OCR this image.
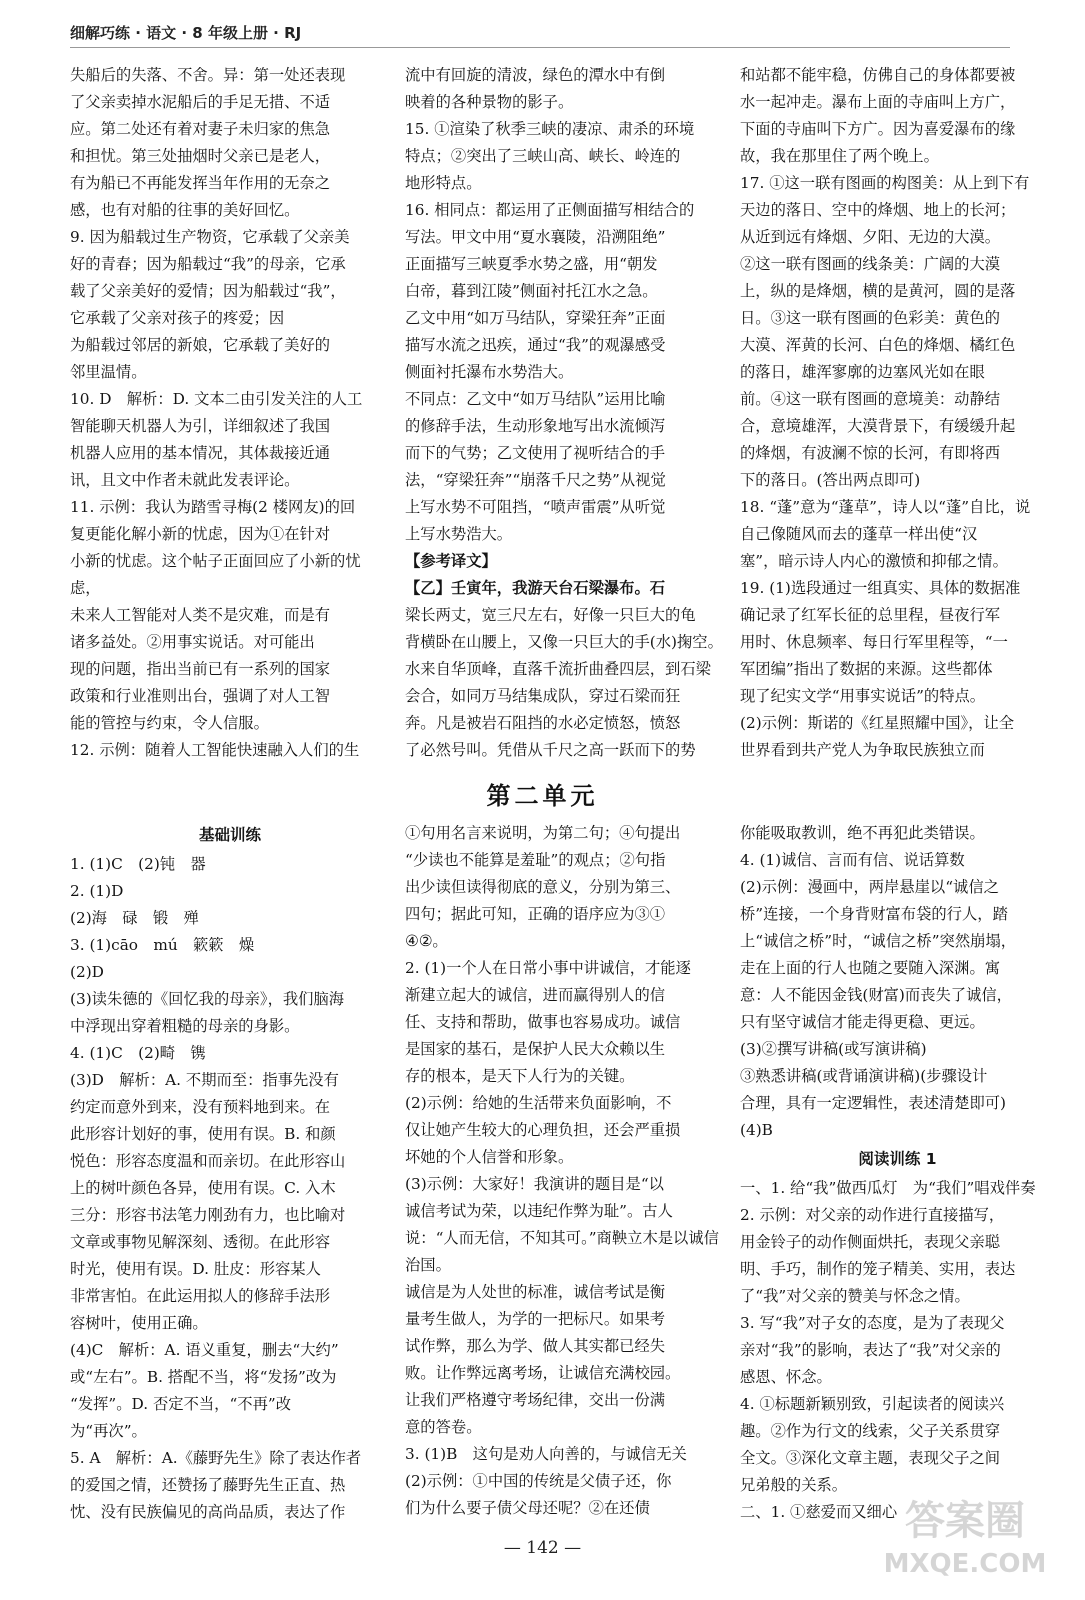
细解巧练 · 语文 · 8 年级上册 · RJ

失船后的失落、不舍。异：第一处还表现

了父亲卖掉水泥船后的手足无措、不适

应。第二处还有着对妻子未归家的焦急

和担忧。第三处抽烟时父亲已是老人，

有为船已不再能发挥当年作用的无奈之

感，也有对船的往事的美好回忆。

9. 因为船载过生产物资，它承载了父亲美

好的青春；因为船载过“我”的母亲，它承

载了父亲美好的爱情；因为船载过“我”，

它承载了父亲对孩子的疼爱；因

为船载过邻居的新娘，它承载了美好的

邻里温情。

10. D　解析：D. 文本二由引发关注的人工

智能聊天机器人为引，详细叙述了我国

机器人应用的基本情况，其体裁接近通

讯，且文中作者未就此发表评论。

11. 示例：我认为踏雪寻梅(2 楼网友)的回

复更能化解小新的忧虑，因为①在针对

小新的忧虑。这个帖子正面回应了小新的忧虑，

未来人工智能对人类不是灾难，而是有

诸多益处。②用事实说话。对可能出

现的问题，指出当前已有一系列的国家

政策和行业准则出台，强调了对人工智

能的管控与约束，令人信服。

12. 示例：随着人工智能快速融入人们的生

流中有回旋的清波，绿色的潭水中有倒

映着的各种景物的影子。

15. ①渲染了秋季三峡的凄凉、肃杀的环境

特点；②突出了三峡山高、峡长、岭连的

地形特点。

16. 相同点：都运用了正侧面描写相结合的

写法。甲文中用“夏水襄陵，沿溯阻绝”

正面描写三峡夏季水势之盛，用“朝发

白帝，暮到江陵”侧面衬托江水之急。

乙文中用“如万马结队，穿梁狂奔”正面

描写水流之迅疾，通过“我”的观瀑感受

侧面衬托瀑布水势浩大。

不同点：乙文中“如万马结队”运用比喻

的修辞手法，生动形象地写出水流倾泻

而下的气势；乙文使用了视听结合的手

法，“穿梁狂奔”“崩落千尺之势”从视觉

上写水势不可阻挡，“喷声雷震”从听觉

上写水势浩大。

【参考译文】

【乙】壬寅年，我游天台石梁瀑布。石

梁长两丈，宽三尺左右，好像一只巨大的龟

背横卧在山腰上，又像一只巨大的手(水)掬空。

水来自华顶峰，直落千流折曲叠四层，到石梁

会合，如同万马结集成队，穿过石梁而狂

奔。凡是被岩石阻挡的水必定愤怒，愤怒

了必然号叫。凭借从千尺之高一跃而下的势

和站都不能牢稳，仿佛自己的身体都要被

水一起冲走。瀑布上面的寺庙叫上方广，

下面的寺庙叫下方广。因为喜爱瀑布的缘

故，我在那里住了两个晚上。

17. ①这一联有图画的构图美：从上到下有

天边的落日、空中的烽烟、地上的长河；

从近到远有烽烟、夕阳、无边的大漠。

②这一联有图画的线条美：广阔的大漠

上，纵的是烽烟，横的是黄河，圆的是落

日。③这一联有图画的色彩美：黄色的

大漠、浑黄的长河、白色的烽烟、橘红色

的落日，雄浑寥廓的边塞风光如在眼

前。④这一联有图画的意境美：动静结

合，意境雄浑，大漠背景下，有缓缓升起

的烽烟，有波澜不惊的长河，有即将西

下的落日。(答出两点即可)

18. “蓬”意为“蓬草”，诗人以“蓬”自比，说

自己像随风而去的蓬草一样出使“汉

塞”，暗示诗人内心的激愤和抑郁之情。

19. (1)选段通过一组真实、具体的数据准

确记录了红军长征的总里程，昼夜行军

用时、休息频率、每日行军里程等，“一

军团编”指出了数据的来源。这些都体

现了纪实文学“用事实说话”的特点。

(2)示例：斯诺的《红星照耀中国》，让全

世界看到共产党人为争取民族独立而

第二单元

基础训练

1. (1)C　(2)钝　器

2. (1)D

(2)海　碌　锻　殚

3. (1)cāo　mú　簌簌　燥

(2)D

(3)读朱德的《回忆我的母亲》，我们脑海

中浮现出穿着粗糙的母亲的身影。

4. (1)C　(2)畸　镌

(3)D　解析：A. 不期而至：指事先没有

约定而意外到来，没有预料地到来。在

此形容计划好的事，使用有误。B. 和颜

悦色：形容态度温和而亲切。在此形容山

上的树叶颜色各异，使用有误。C. 入木

三分：形容书法笔力刚劲有力，也比喻对

文章或事物见解深刻、透彻。在此形容

时光，使用有误。D. 肚皮：形容某人

非常害怕。在此运用拟人的修辞手法形

容树叶，使用正确。

(4)C　解析：A. 语义重复，删去“大约”

或“左右”。B. 搭配不当，将“发扬”改为

“发挥”。D. 否定不当，“不再”改

为“再次”。

5. A　解析：A.《藤野先生》除了表达作者

的爱国之情，还赞扬了藤野先生正直、热

忱、没有民族偏见的高尚品质，表达了作

①句用名言来说明，为第二句；④句提出

“少读也不能算是羞耻”的观点；②句指

出少读但读得彻底的意义，分别为第三、

四句；据此可知，正确的语序应为③①

④②。

2. (1)一个人在日常小事中讲诚信，才能逐

渐建立起大的诚信，进而赢得别人的信

任、支持和帮助，做事也容易成功。诚信

是国家的基石，是保护人民大众赖以生

存的根本，是天下人行为的关键。

(2)示例：给她的生活带来负面影响，不

仅让她产生较大的心理负担，还会严重损

坏她的个人信誉和形象。

(3)示例：大家好！我演讲的题目是“以

诚信考试为荣，以违纪作弊为耻”。古人

说：“人而无信，不知其可。”商鞅立木是以诚信治国。

诚信是为人处世的标准，诚信考试是衡

量考生做人，为学的一把标尺。如果考

试作弊，那么为学、做人其实都已经失

败。让作弊远离考场，让诚信充满校园。

让我们严格遵守考场纪律，交出一份满

意的答卷。

3. (1)B　这句是劝人向善的，与诚信无关

(2)示例：①中国的传统是父债子还，你

们为什么要子债父母还呢？②在还债

你能吸取教训，绝不再犯此类错误。

4. (1)诚信、言而有信、说话算数

(2)示例：漫画中，两岸悬崖以“诚信之

桥”连接，一个身背财富布袋的行人，踏

上“诚信之桥”时，“诚信之桥”突然崩塌，

走在上面的行人也随之要随入深渊。寓

意：人不能因金钱(财富)而丧失了诚信，

只有坚守诚信才能走得更稳、更远。

(3)②撰写讲稿(或写演讲稿)

③熟悉讲稿(或背诵演讲稿)(步骤设计

合理，具有一定逻辑性，表述清楚即可)

(4)B

阅读训练 1

一、1. 给“我”做西瓜灯　为“我们”唱戏伴奏

2. 示例：对父亲的动作进行直接描写，

用金铃子的动作侧面烘托，表现父亲聪

明、手巧，制作的笼子精美、实用，表达

了“我”对父亲的赞美与怀念之情。

3. 写“我”对子女的态度，是为了表现父

亲对“我”的影响，表达了“我”对父亲的

感恩、怀念。

4. ①标题新颖别致，引起读者的阅读兴

趣。②作为行文的线索，父子关系贯穿

全文。③深化文章主题，表现父子之间

兄弟般的关系。

二、1. ①慈爱而又细心

— 142 —
答案圈
MXQE.COM
